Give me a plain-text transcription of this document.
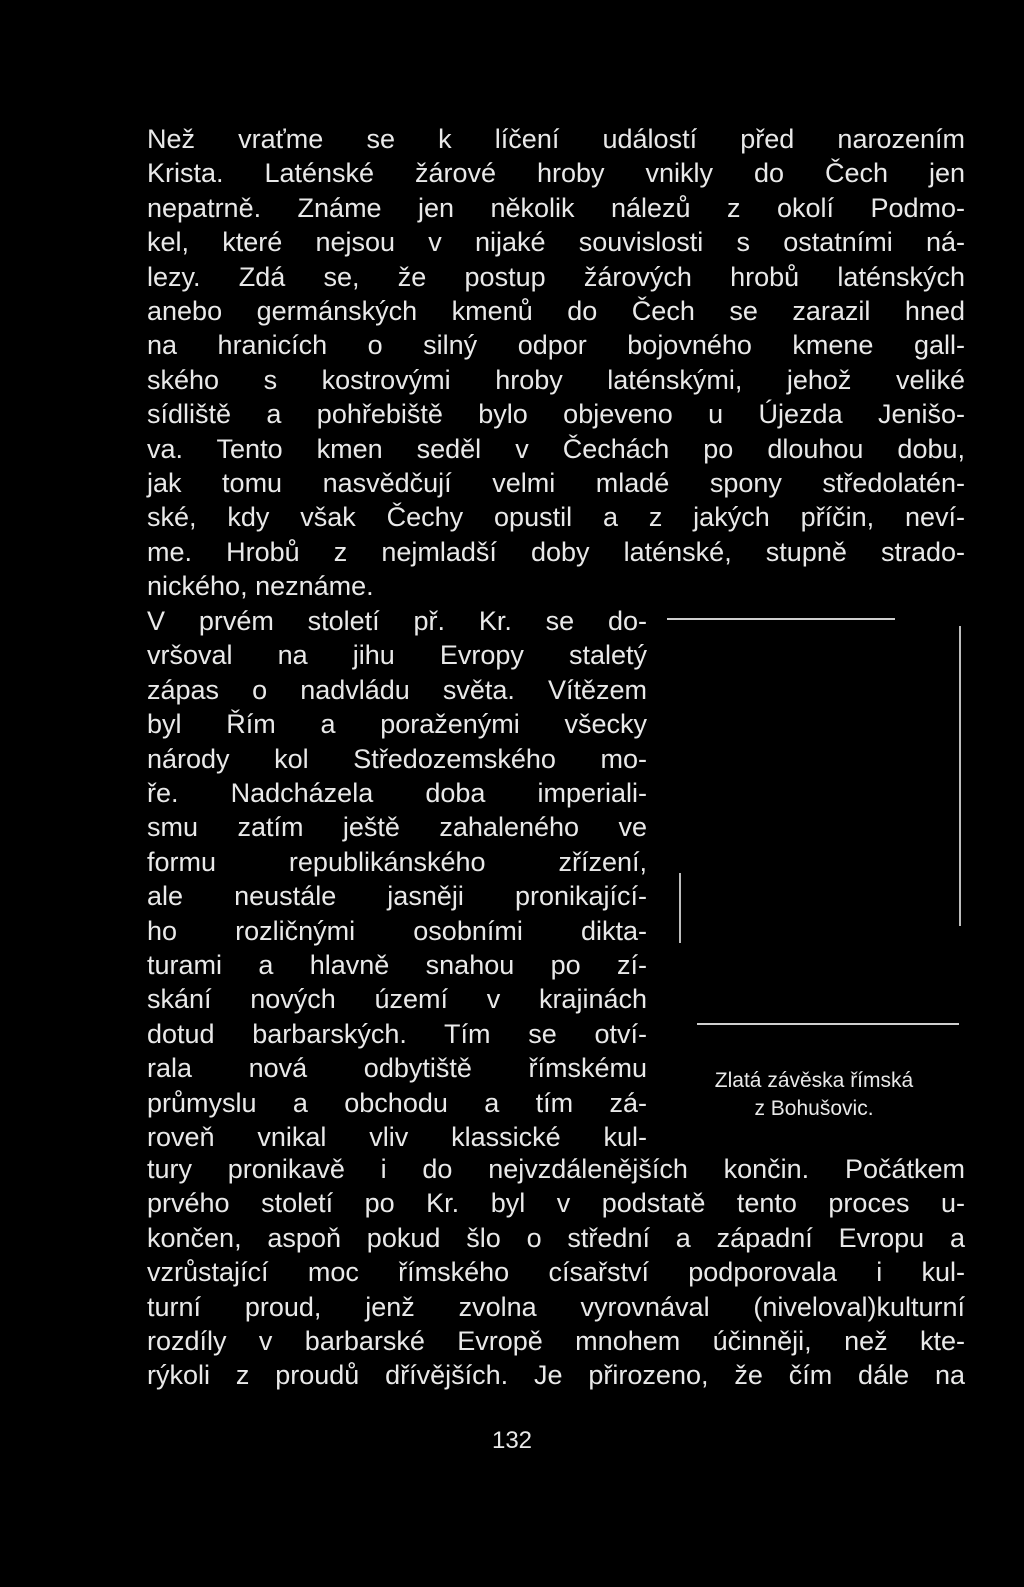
Než vraťme se k líčení událostí před narozením
Krista. Laténské žárové hroby vnikly do Čech jen
nepatrně. Známe jen několik nálezů z okolí Podmo-
kel, které nejsou v nijaké souvislosti s ostatními ná-
lezy. Zdá se, že postup žárových hrobů laténských
anebo germánských kmenů do Čech se zarazil hned
na hranicích o silný odpor bojovného kmene gall-
ského s kostrovými hroby laténskými, jehož veliké
sídliště a pohřebiště bylo objeveno u Újezda Jenišo-
va. Tento kmen seděl v Čechách po dlouhou dobu,
jak tomu nasvědčují velmi mladé spony středolatén-
ské, kdy však Čechy opustil a z jakých příčin, neví-
me. Hrobů z nejmladší doby laténské, stupně strado-
nického, neznáme.
V prvém století př. Kr. se do-
vršoval na jihu Evropy staletý
zápas o nadvládu světa. Vítězem
byl Řím a poraženými všecky
národy kol Středozemského mo-
ře. Nadcházela doba imperiali-
smu zatím ještě zahaleného ve
formu republikánského zřízení,
ale neustále jasněji pronikající-
ho rozličnými osobními dikta-
turami a hlavně snahou po zí-
skání nových území v krajinách
dotud barbarských. Tím se otví-
rala nová odbytiště římskému
průmyslu a obchodu a tím zá-
roveň vnikal vliv klassické kul-
tury pronikavě i do nejvzdálenějších končin. Počátkem
prvého století po Kr. byl v podstatě tento proces u-
končen, aspoň pokud šlo o střední a západní Evropu a
vzrůstající moc římského císařství podporovala i kul-
turní proud, jenž zvolna vyrovnával (niveloval)kulturní
rozdíly v barbarské Evropě mnohem účinněji, než kte-
rýkoli z proudů dřívějších. Je přirozeno, že čím dále na
Zlatá závěska římská
z Bohušovic.
132
